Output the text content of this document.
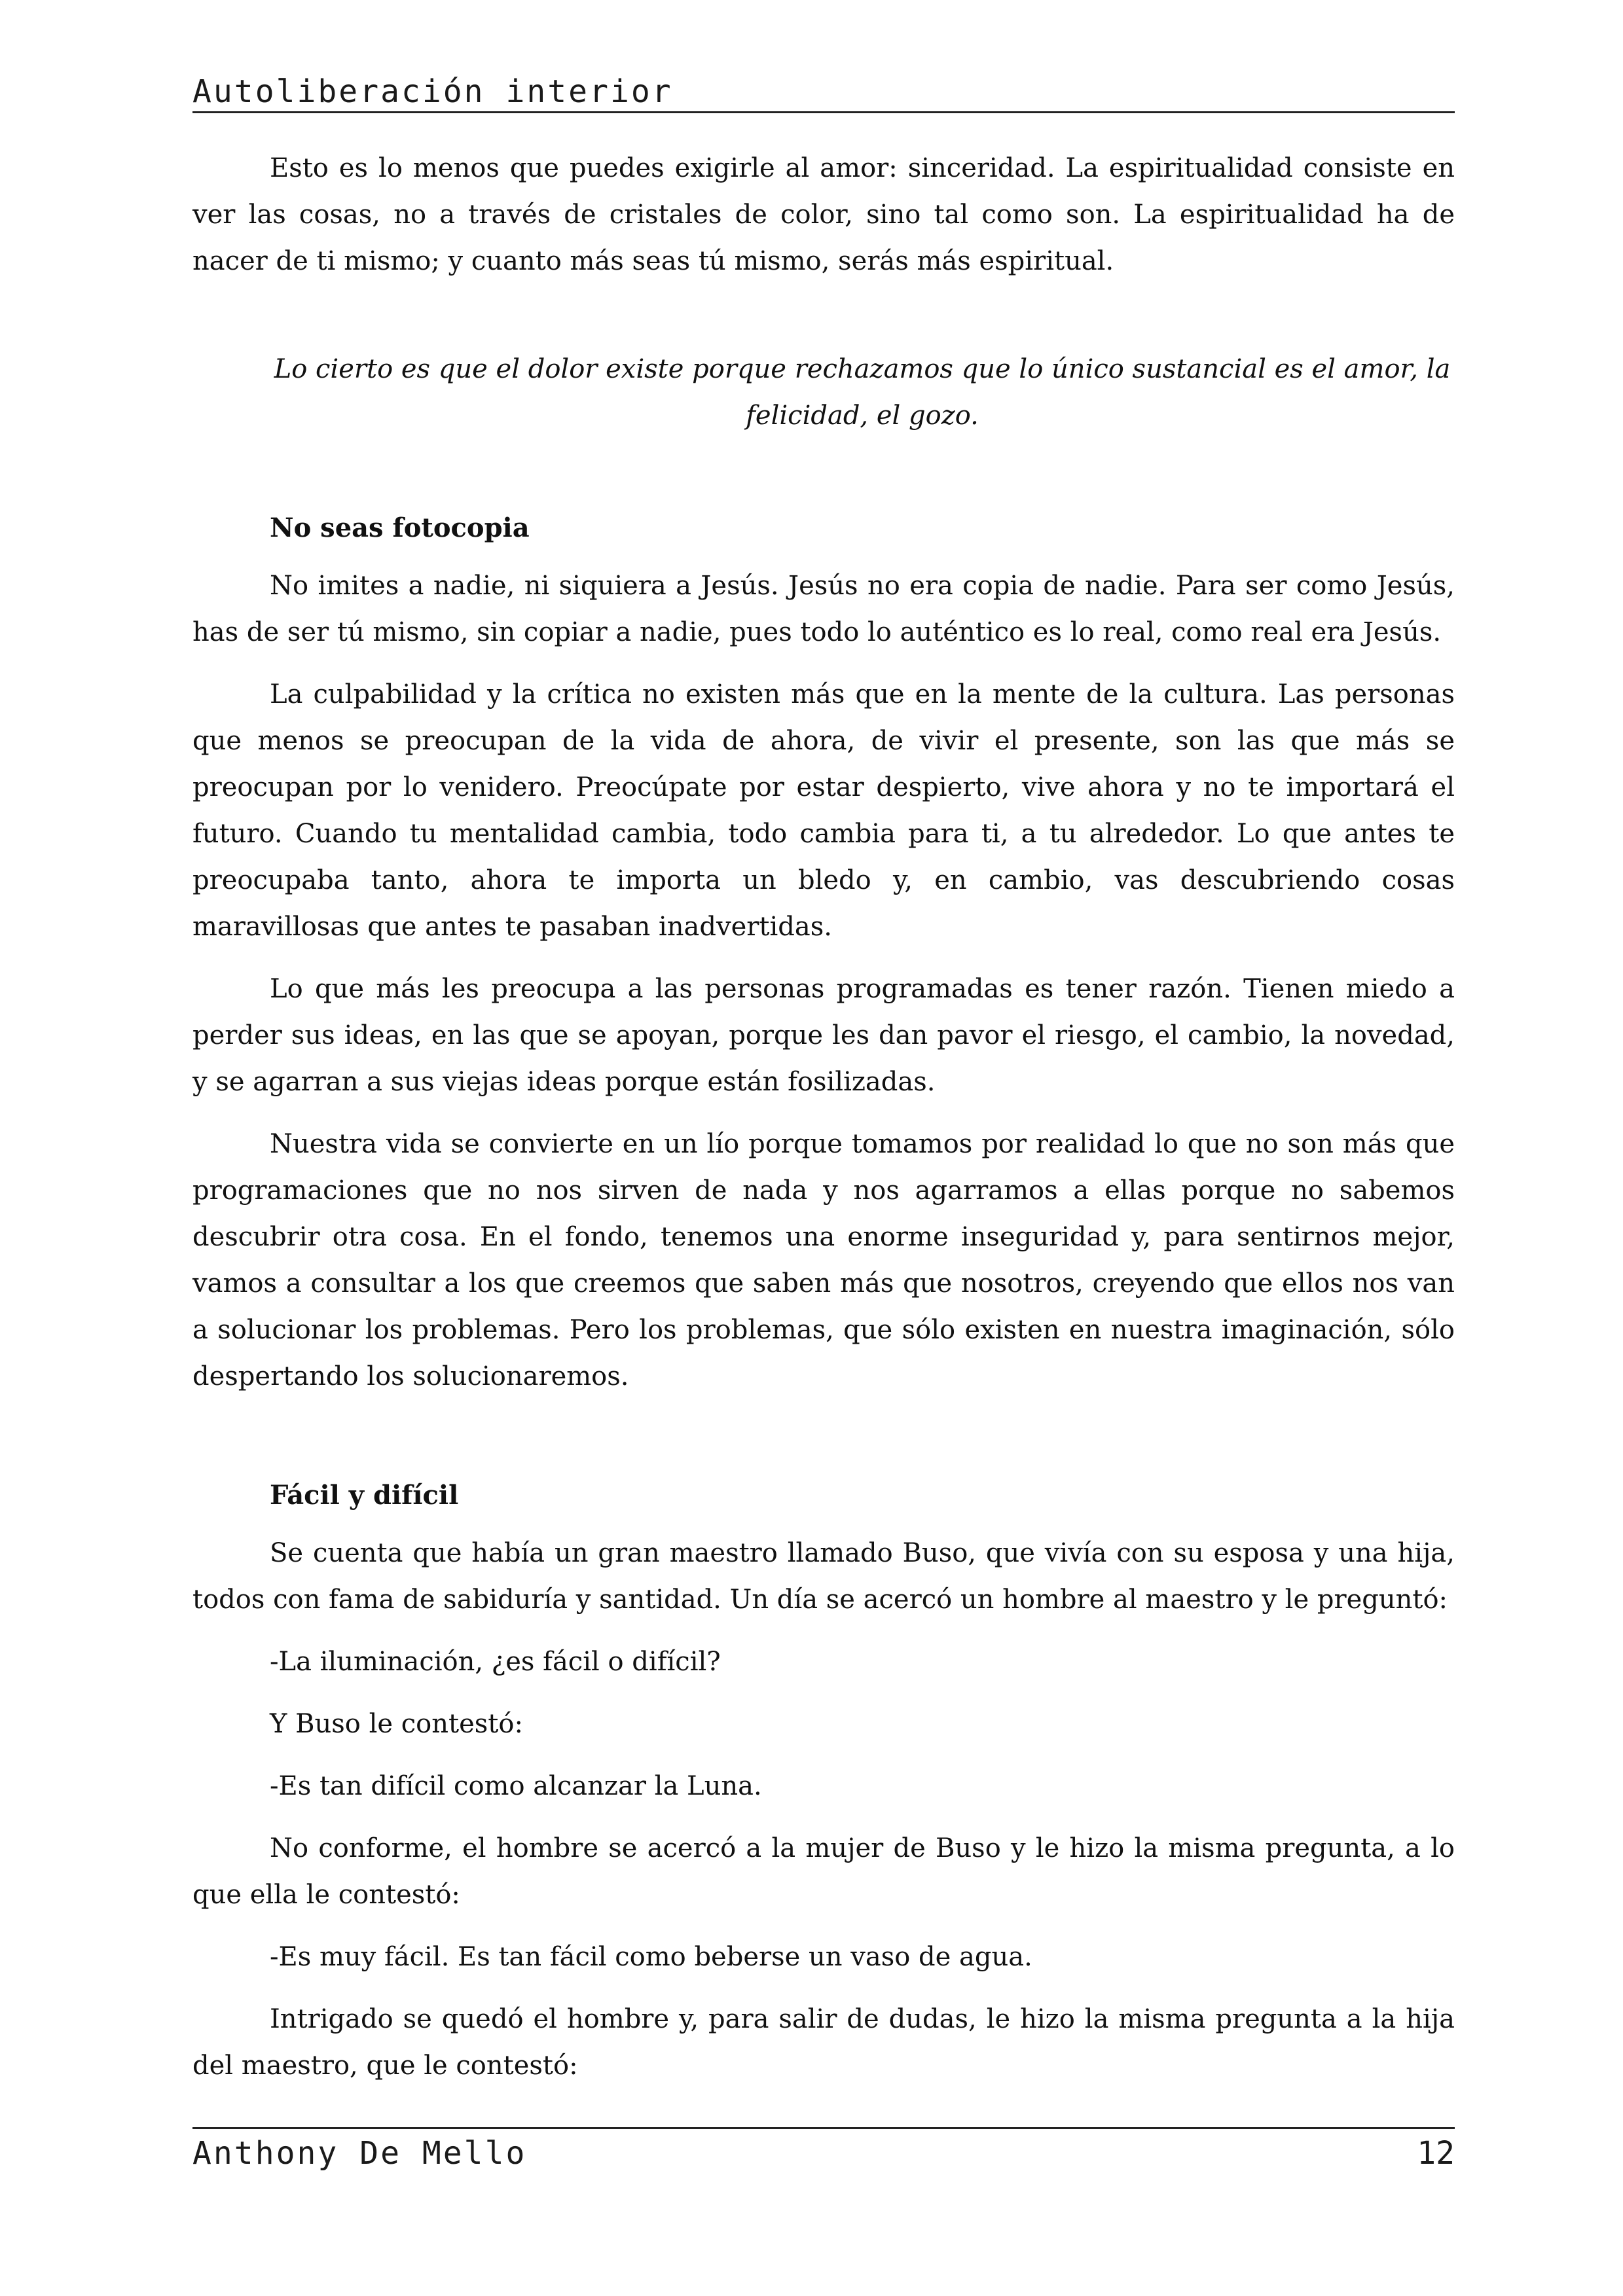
Autoliberación interior

Esto es lo menos que puedes exigirle al amor: sinceridad. La espiritualidad consiste en ver las cosas, no a través de cristales de color, sino tal como son. La espiritualidad ha de nacer de ti mismo; y cuanto más seas tú mismo, serás más espiritual.

Lo cierto es que el dolor existe porque rechazamos que lo único sustancial es el amor, la felicidad, el gozo.
No seas fotocopia

No imites a nadie, ni siquiera a Jesús. Jesús no era copia de nadie. Para ser como Jesús, has de ser tú mismo, sin copiar a nadie, pues todo lo auténtico es lo real, como real era Jesús.

La culpabilidad y la crítica no existen más que en la mente de la cultura. Las personas que menos se preocupan de la vida de ahora, de vivir el presente, son las que más se preocupan por lo venidero. Preocúpate por estar despierto, vive ahora y no te importará el futuro. Cuando tu mentalidad cambia, todo cambia para ti, a tu alrededor. Lo que antes te preocupaba tanto, ahora te importa un bledo y, en cambio, vas descubriendo cosas maravillosas que antes te pasaban inadvertidas.

Lo que más les preocupa a las personas programadas es tener razón. Tienen miedo a perder sus ideas, en las que se apoyan, porque les dan pavor el riesgo, el cambio, la novedad, y se agarran a sus viejas ideas porque están fosilizadas.

Nuestra vida se convierte en un lío porque tomamos por realidad lo que no son más que programaciones que no nos sirven de nada y nos agarramos a ellas porque no sabemos descubrir otra cosa. En el fondo, tenemos una enorme inseguridad y, para sentirnos mejor, vamos a consultar a los que creemos que saben más que nosotros, creyendo que ellos nos van a solucionar los problemas. Pero los problemas, que sólo existen en nuestra imaginación, sólo despertando los solucionaremos.

Fácil y difícil

Se cuenta que había un gran maestro llamado Buso, que vivía con su esposa y una hija, todos con fama de sabiduría y santidad. Un día se acercó un hombre al maestro y le preguntó:

-La iluminación, ¿es fácil o difícil?

Y Buso le contestó:

-Es tan difícil como alcanzar la Luna.

No conforme, el hombre se acercó a la mujer de Buso y le hizo la misma pregunta, a lo que ella le contestó:

-Es muy fácil. Es tan fácil como beberse un vaso de agua.

Intrigado se quedó el hombre y, para salir de dudas, le hizo la misma pregunta a la hija del maestro, que le contestó:

Anthony De Mello	12
